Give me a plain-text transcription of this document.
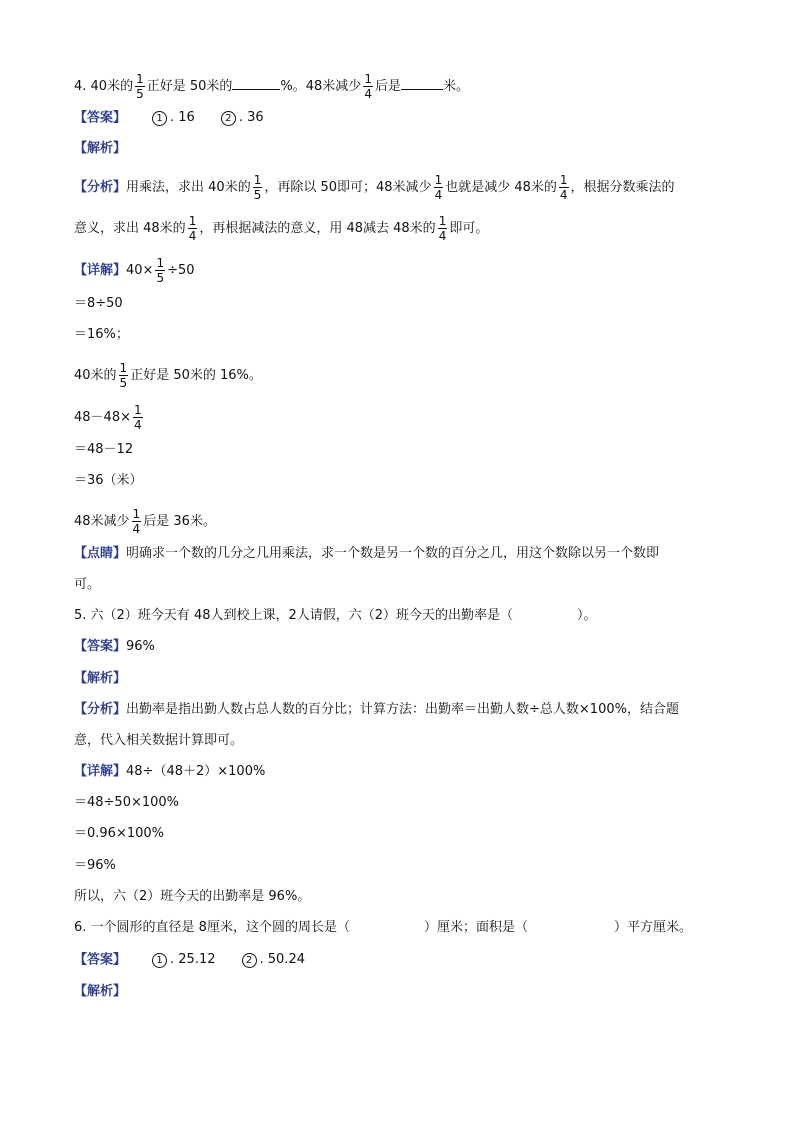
4. 40米的 $\frac{1}{5}$ 正好是 50米的	%。48米减少 $\frac{1}{4}$ 后是	米。
【答案】	1 . 16	2 . 36
【解析】
【分析】用乘法，求出 40米的 $\frac{1}{5}$ ，再除以 50即可；48米减少 $\frac{1}{4}$ 也就是减少 48米的 $\frac{1}{4}$ ，根据分数乘法的
意义，求出 48米的 $\frac{1}{4}$ ，再根据减法的意义，用 48减去 48米的 $\frac{1}{4}$ 即可。
【详解】$40\times \frac{1}{5} \div 50$
＝8÷50
＝16%；
40米的 $\frac{1}{5}$ 正好是 50米的 16%。
$48-48\times \frac{1}{4}$
＝48－12
＝36（米）
48米减少 $\frac{1}{4}$ 后是 36米。
【点睛】明确求一个数的几分之几用乘法，求一个数是另一个数的百分之几，用这个数除以另一个数即
可。
5. 六（2）班今天有 48人到校上课，2人请假，六（2）班今天的出勤率是（	）。
【答案】96%
【解析】
【分析】出勤率是指出勤人数占总人数的百分比；计算方法：出勤率＝出勤人数÷总人数×100%，结合题
意，代入相关数据计算即可。
【详解】48÷（48＋2）×100%
＝48÷50×100%
＝0.96×100%
＝96%
所以，六（2）班今天的出勤率是 96%。
6. 一个圆形的直径是 8厘米，这个圆的周长是（	）厘米；面积是（	）平方厘米。
【答案】	1 . 25.12	2 . 50.24
【解析】
